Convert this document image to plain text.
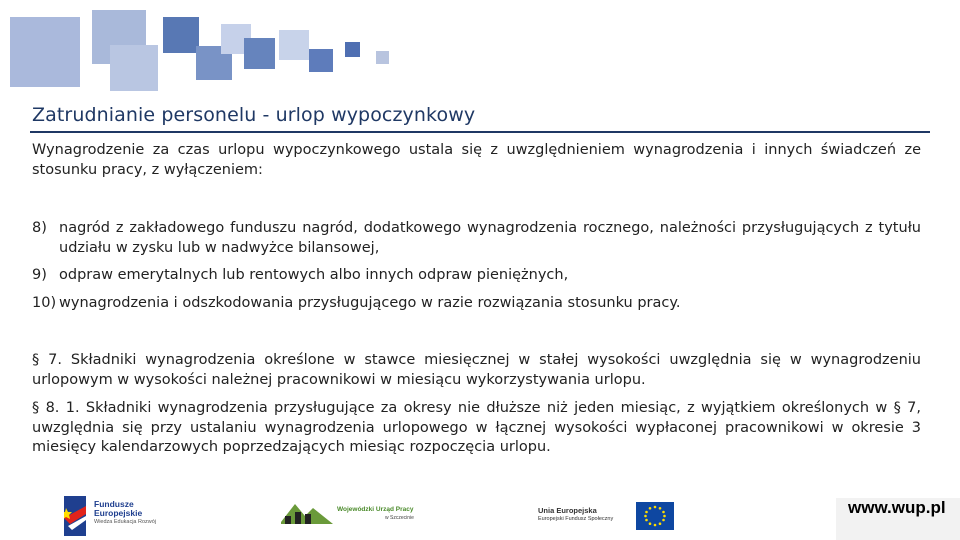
Zatrudnianie personelu - urlop wypoczynkowy

Wynagrodzenie za czas urlopu wypoczynkowego ustala się z uwzględnieniem wynagrodzenia i innych świadczeń ze stosunku pracy, z wyłączeniem:

8) nagród z zakładowego funduszu nagród, dodatkowego wynagrodzenia rocznego, należności przysługujących z tytułu udziału w zysku lub w nadwyżce bilansowej,
9) odpraw emerytalnych lub rentowych albo innych odpraw pieniężnych,
10) wynagrodzenia i odszkodowania przysługującego w razie rozwiązania stosunku pracy.

§ 7. Składniki wynagrodzenia określone w stawce miesięcznej w stałej wysokości uwzględnia się w wynagrodzeniu urlopowym w wysokości należnej pracownikowi w miesiącu wykorzystywania urlopu.

§ 8. 1. Składniki wynagrodzenia przysługujące za okresy nie dłuższe niż jeden miesiąc, z wyjątkiem określonych w § 7, uwzględnia się przy ustalaniu wynagrodzenia urlopowego w łącznej wysokości wypłaconej pracownikowi w okresie 3 miesięcy kalendarzowych poprzedzających miesiąc rozpoczęcia urlopu.

Fundusze
Europejskie
Wiedza Edukacja Rozwój
Wojewódzki Urząd Pracy
w Szczecinie
Unia Europejska
Europejski Fundusz Społeczny
www.wup.pl
